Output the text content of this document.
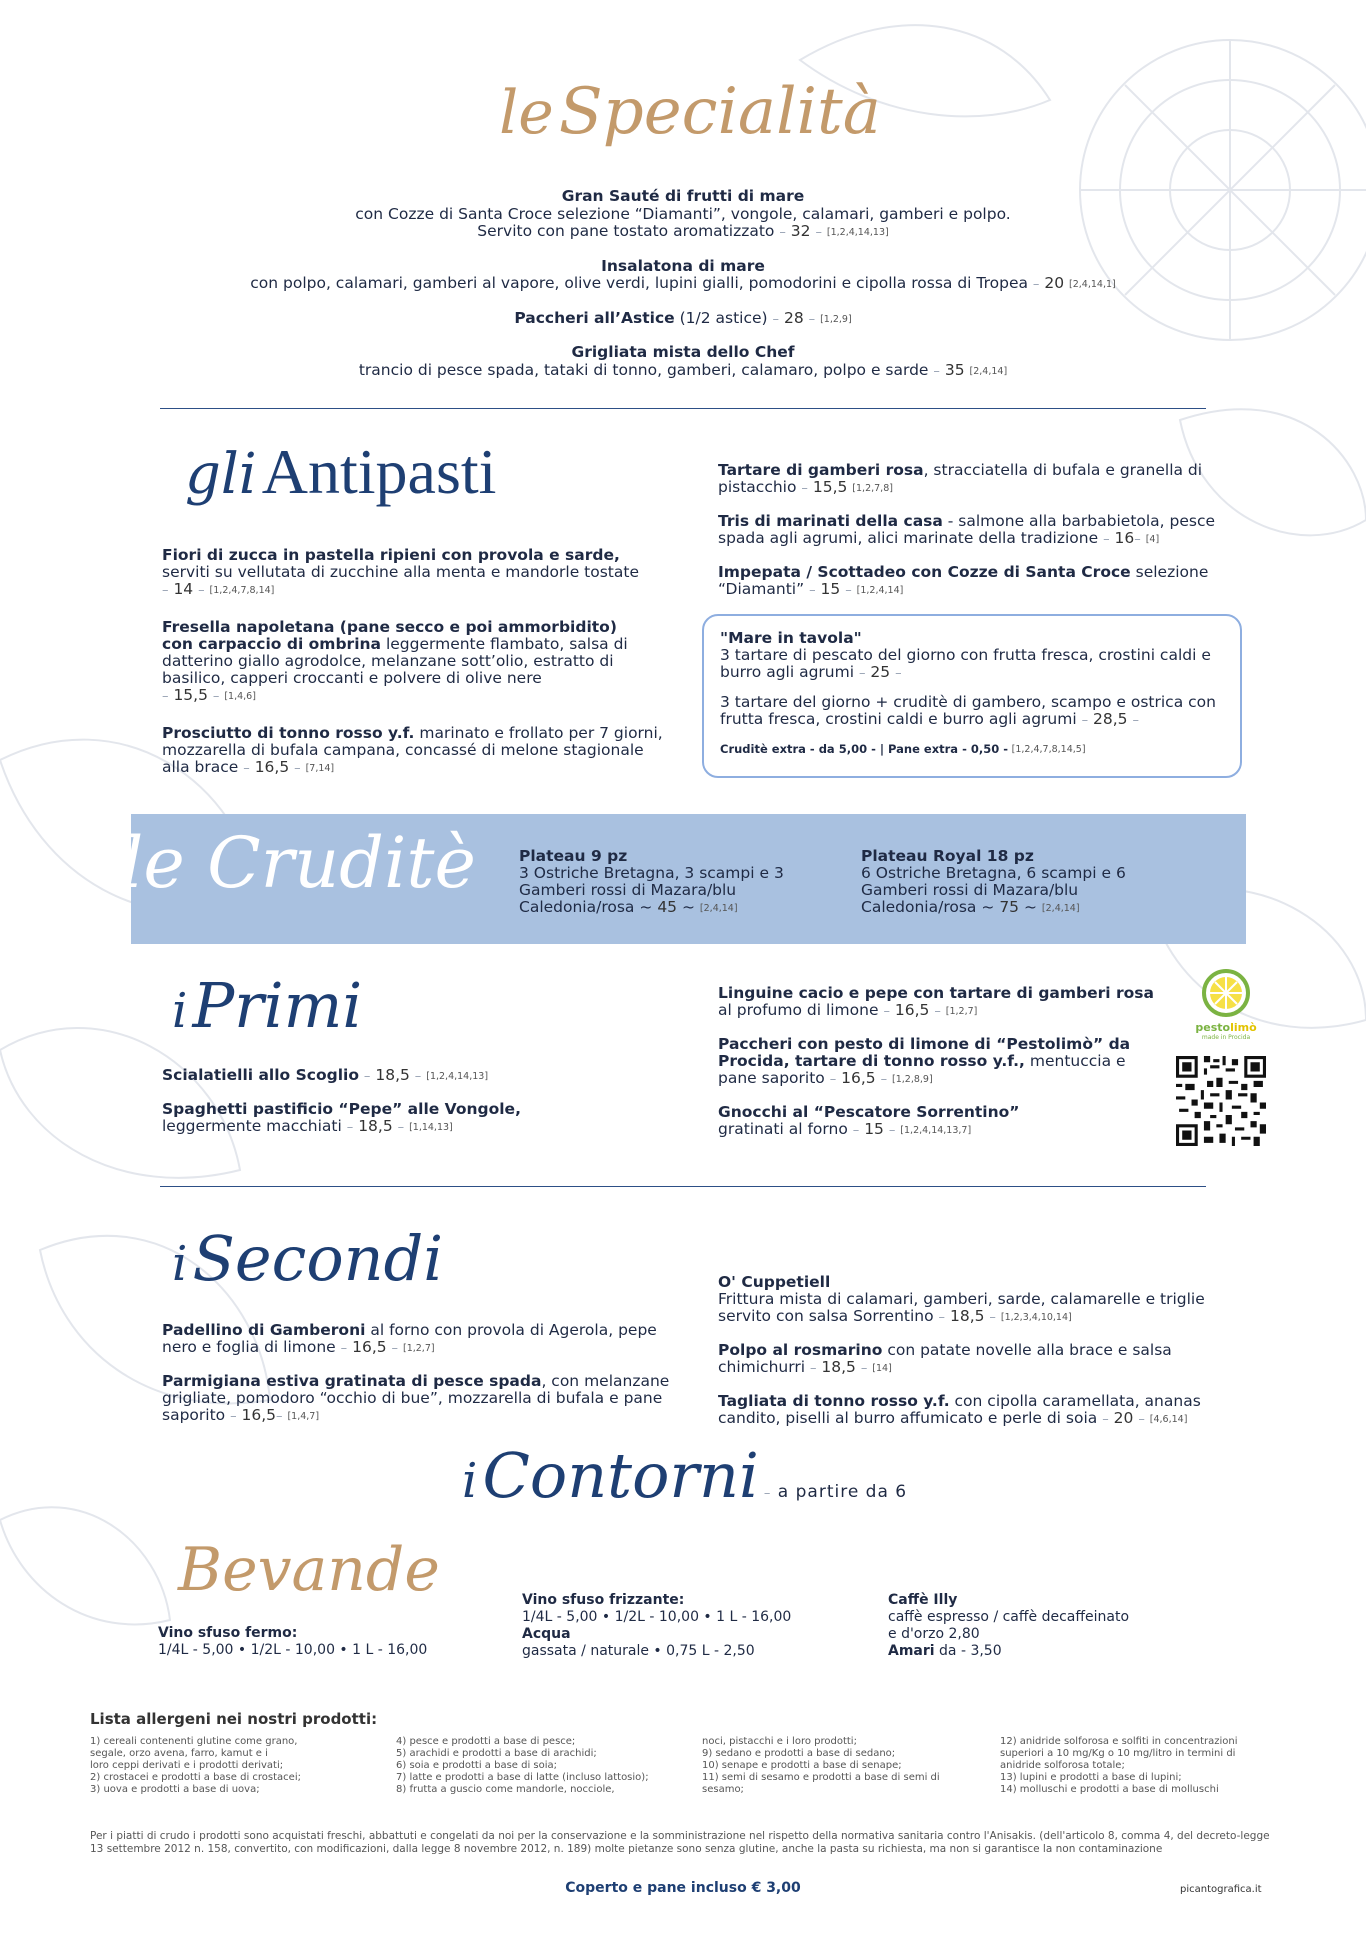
le Specialità
Gran Sauté di frutti di mare
con Cozze di Santa Croce selezione “Diamanti”, vongole, calamari, gamberi e polpo.
Servito con pane tostato aromatizzato – 32 – [1,2,4,14,13]
Insalatona di mare
con polpo, calamari, gamberi al vapore, olive verdi, lupini gialli, pomodorini e cipolla rossa di Tropea – 20 [2,4,14,1]
Paccheri all’Astice (1/2 astice) – 28 – [1,2,9]
Grigliata mista dello Chef
trancio di pesce spada, tataki di tonno, gamberi, calamaro, polpo e sarde – 35 [2,4,14]
gli Antipasti
Fiori di zucca in pastella ripieni con provola e sarde,
serviti su vellutata di zucchine alla menta e mandorle tostate
– 14 – [1,2,4,7,8,14]
Fresella napoletana (pane secco e poi ammorbidito)
con carpaccio di ombrina leggermente flambato, salsa di datterino giallo agrodolce, melanzane sott’olio, estratto di basilico, capperi croccanti e polvere di olive nere
– 15,5 – [1,4,6]
Prosciutto di tonno rosso y.f. marinato e frollato per 7 giorni, mozzarella di bufala campana, concassé di melone stagionale alla brace – 16,5 – [7,14]
Tartare di gamberi rosa, stracciatella di bufala e granella di pistacchio – 15,5 [1,2,7,8]
Tris di marinati della casa - salmone alla barbabietola, pesce spada agli agrumi, alici marinate della tradizione – 16– [4]
Impepata / Scottadeo con Cozze di Santa Croce selezione “Diamanti” – 15 – [1,2,4,14]
"Mare in tavola"
3 tartare di pescato del giorno con frutta fresca, crostini caldi e burro agli agrumi – 25 –
3 tartare del giorno + cruditè di gambero, scampo e ostrica con frutta fresca, crostini caldi e burro agli agrumi – 28,5 –
Cruditè extra - da 5,00 - | Pane extra - 0,50 - [1,2,4,7,8,14,5]
le Cruditè	Plateau 9 pz
3 Ostriche Bretagna, 3 scampi e 3 Gamberi rossi di Mazara/blu Caledonia/rosa ~ 45 ~ [2,4,14]
Plateau Royal 18 pz
6 Ostriche Bretagna, 6 scampi e 6 Gamberi rossi di Mazara/blu Caledonia/rosa ~ 75 ~ [2,4,14]
i Primi
Scialatielli allo Scoglio – 18,5 – [1,2,4,14,13]
Spaghetti pastificio “Pepe” alle Vongole,
leggermente macchiati – 18,5 – [1,14,13]
Linguine cacio e pepe con tartare di gamberi rosa
al profumo di limone – 16,5 – [1,2,7]
Paccheri con pesto di limone di “Pestolimò” da Procida, tartare di tonno rosso y.f., mentuccia e pane saporito – 16,5 – [1,2,8,9]
Gnocchi al “Pescatore Sorrentino”
gratinati al forno – 15 – [1,2,4,14,13,7]
pestolimò
made in Procida
i Secondi
Padellino di Gamberoni al forno con provola di Agerola, pepe nero e foglia di limone – 16,5 – [1,2,7]
Parmigiana estiva gratinata di pesce spada, con melanzane grigliate, pomodoro “occhio di bue”, mozzarella di bufala e pane saporito – 16,5– [1,4,7]
O' Cuppetiell
Frittura mista di calamari, gamberi, sarde, calamarelle e triglie servito con salsa Sorrentino – 18,5 – [1,2,3,4,10,14]
Polpo al rosmarino con patate novelle alla brace e salsa chimichurri – 18,5 – [14]
Tagliata di tonno rosso y.f. con cipolla caramellata, ananas candito, piselli al burro affumicato e perle di soia – 20 – [4,6,14]
i Contorni – a partire da 6
Bevande
Vino sfuso fermo:
1/4L - 5,00 • 1/2L - 10,00 • 1 L - 16,00
Vino sfuso frizzante:
1/4L - 5,00 • 1/2L - 10,00 • 1 L - 16,00
Acqua
gassata / naturale • 0,75 L - 2,50
Caffè Illy
caffè espresso / caffè decaffeinato
e d'orzo 2,80
Amari da - 3,50
Lista allergeni nei nostri prodotti:
1) cereali contenenti glutine come grano,
segale, orzo avena, farro, kamut e i
loro ceppi derivati e i prodotti derivati;
2) crostacei e prodotti a base di crostacei;
3) uova e prodotti a base di uova;
4) pesce e prodotti a base di pesce;
5) arachidi e prodotti a base di arachidi;
6) soia e prodotti a base di soia;
7) latte e prodotti a base di latte (incluso lattosio);
8) frutta a guscio come mandorle, nocciole,
noci, pistacchi e i loro prodotti;
9) sedano e prodotti a base di sedano;
10) senape e prodotti a base di senape;
11) semi di sesamo e prodotti a base di semi di
sesamo;
12) anidride solforosa e solfiti in concentrazioni
superiori a 10 mg/Kg o 10 mg/litro in termini di
anidride solforosa totale;
13) lupini e prodotti a base di lupini;
14) molluschi e prodotti a base di molluschi
Per i piatti di crudo i prodotti sono acquistati freschi, abbattuti e congelati da noi per la conservazione e la somministrazione nel rispetto della normativa sanitaria contro l'Anisakis. (dell'articolo 8, comma 4, del decreto-legge 13 settembre 2012 n. 158, convertito, con modificazioni, dalla legge 8 novembre 2012, n. 189) molte pietanze sono senza glutine, anche la pasta su richiesta, ma non si garantisce la non contaminazione
Coperto e pane incluso € 3,00	picantografica.it
